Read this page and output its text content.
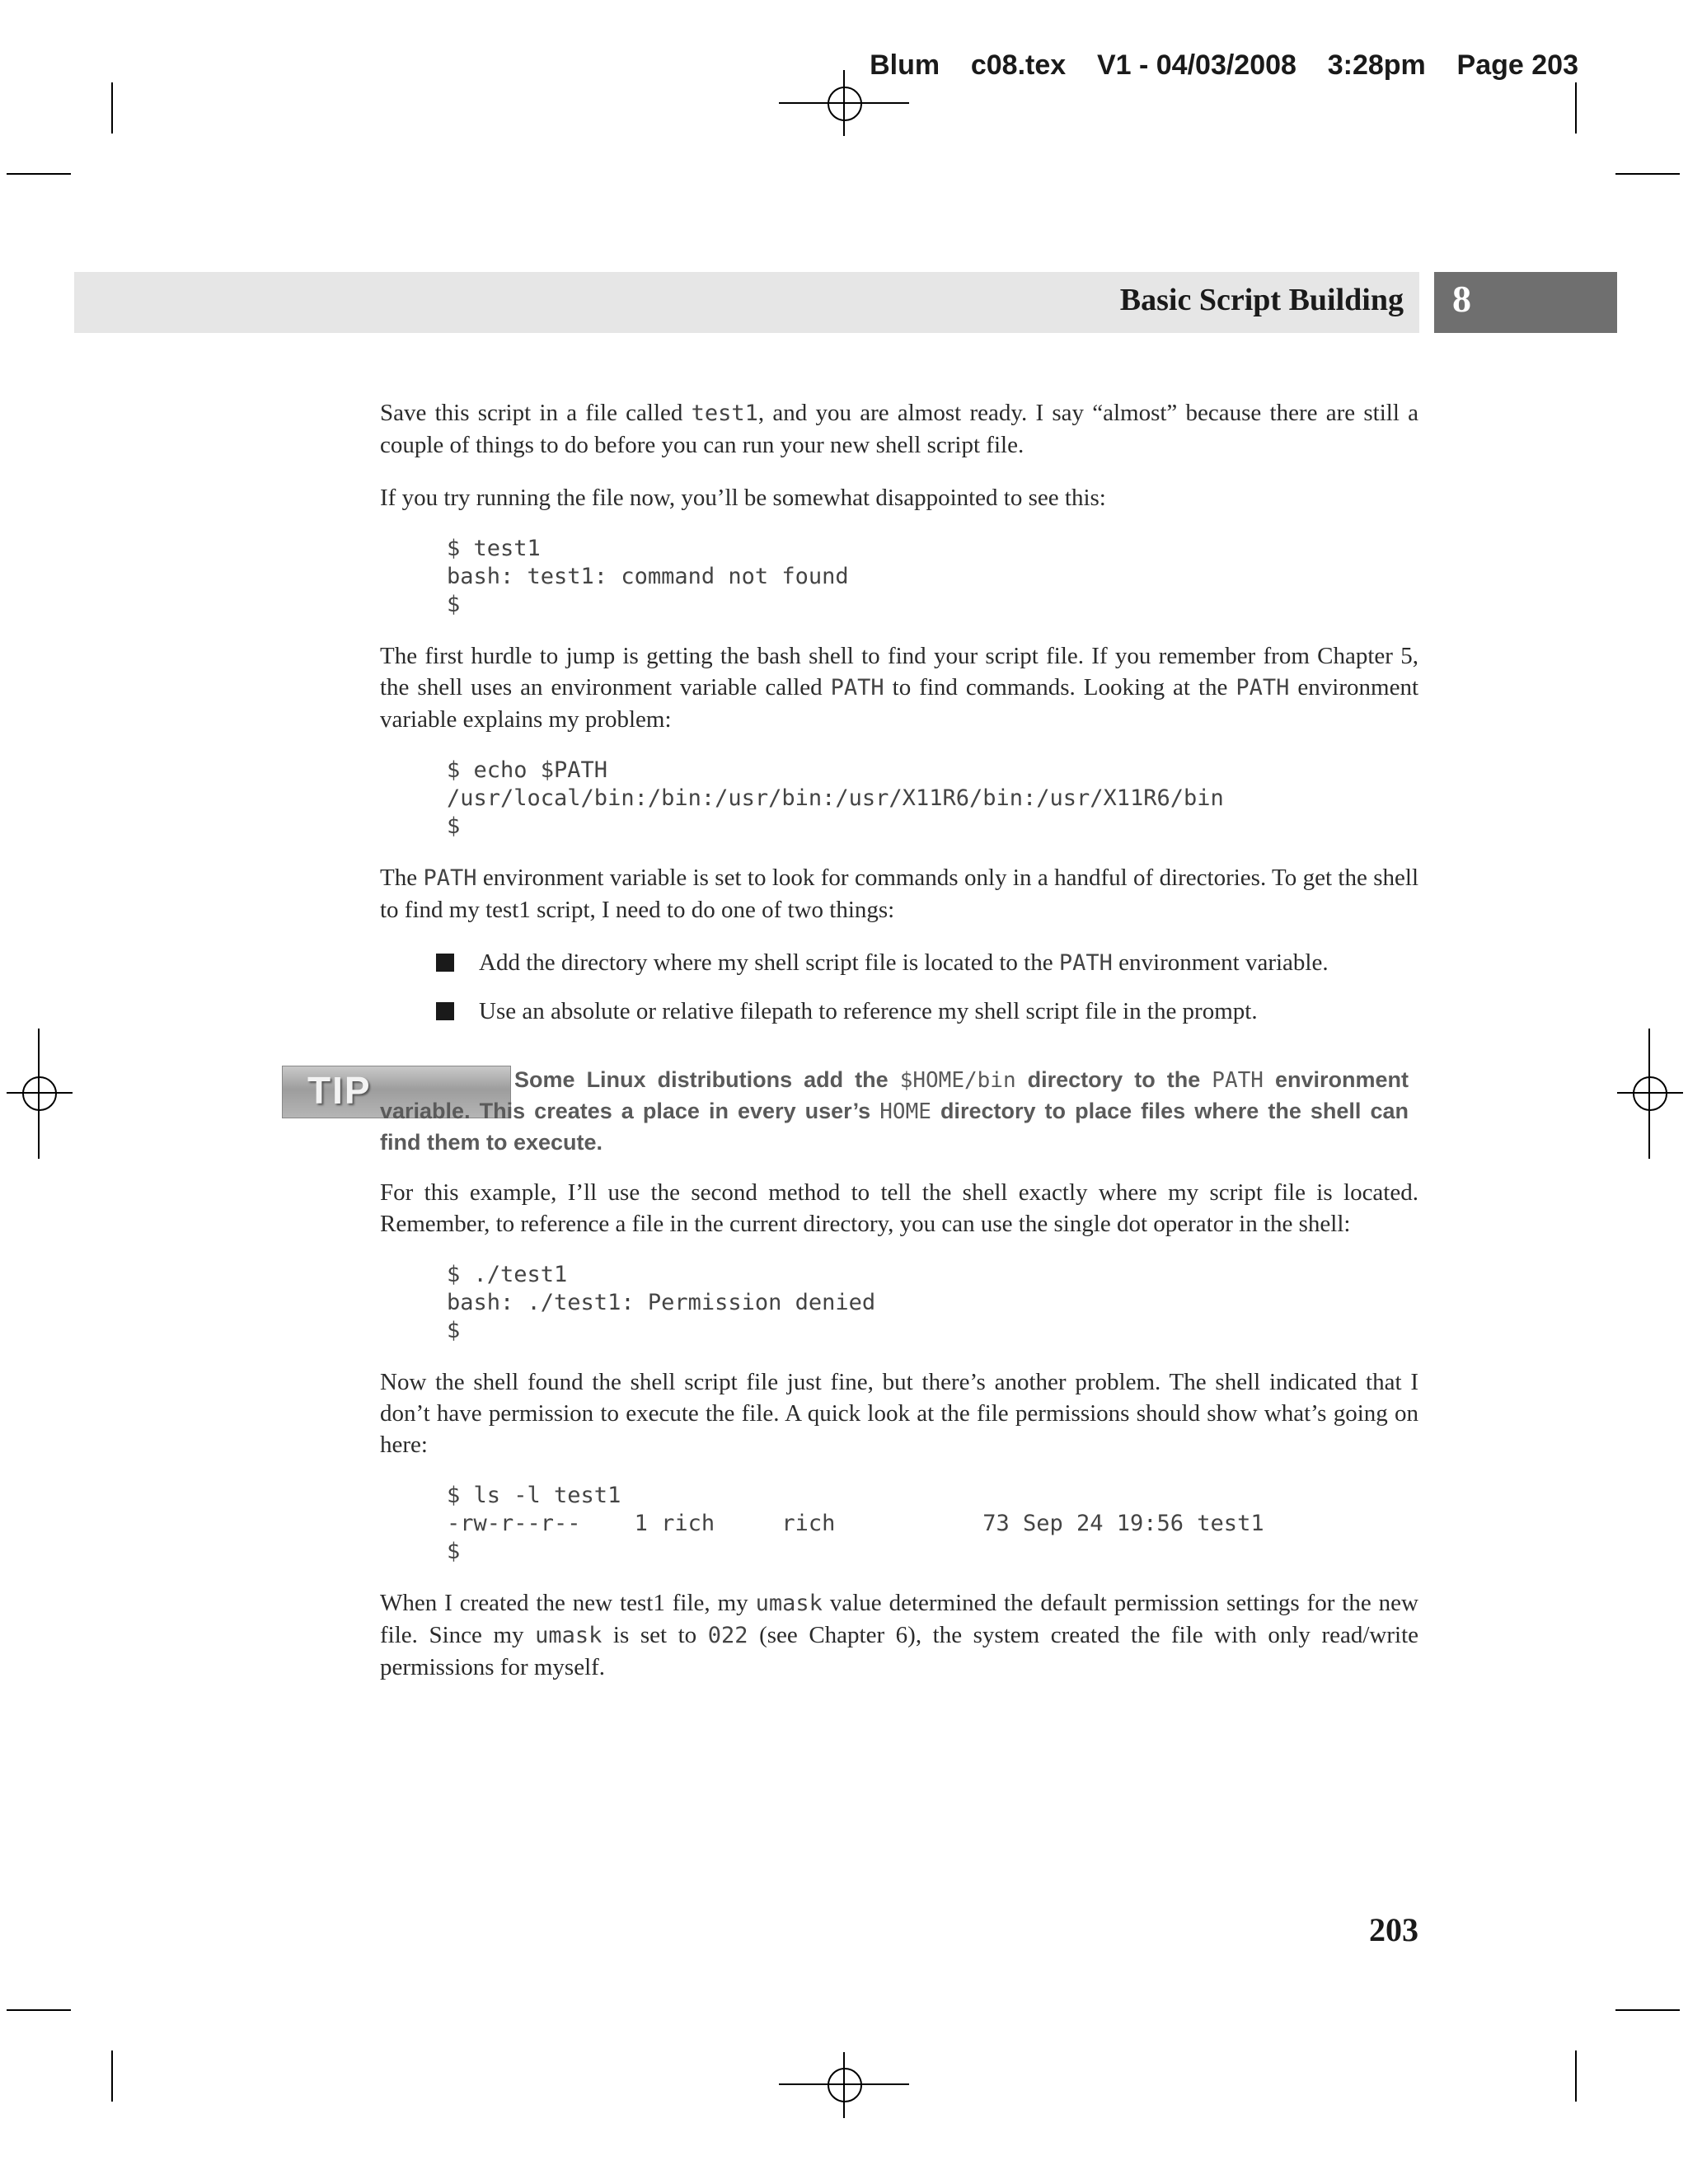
Blum    c08.tex    V1 - 04/03/2008    3:28pm    Page 203
Basic Script Building 8

Save this script in a file called test1, and you are almost ready. I say “almost” because there are still a couple of things to do before you can run your new shell script file.

If you try running the file now, you’ll be somewhat disappointed to see this:

$ test1
bash: test1: command not found
$

The first hurdle to jump is getting the bash shell to find your script file. If you remember from Chapter 5, the shell uses an environment variable called PATH to find commands. Looking at the PATH environment variable explains my problem:

$ echo $PATH
/usr/local/bin:/bin:/usr/bin:/usr/X11R6/bin:/usr/X11R6/bin
$

The PATH environment variable is set to look for commands only in a handful of directories. To get the shell to find my test1 script, I need to do one of two things:

Add the directory where my shell script file is located to the PATH environment variable.
Use an absolute or relative filepath to reference my shell script file in the prompt.
TIP	Some Linux distributions add the $HOME/bin directory to the PATH environment variable. This creates a place in every user’s HOME directory to place files where the shell can find them to execute.

For this example, I’ll use the second method to tell the shell exactly where my script file is located. Remember, to reference a file in the current directory, you can use the single dot operator in the shell:

$ ./test1
bash: ./test1: Permission denied
$

Now the shell found the shell script file just fine, but there’s another problem. The shell indicated that I don’t have permission to execute the file. A quick look at the file permissions should show what’s going on here:

$ ls -l test1
-rw-r--r--    1 rich     rich           73 Sep 24 19:56 test1
$

When I created the new test1 file, my umask value determined the default permission settings for the new file. Since my umask is set to 022 (see Chapter 6), the system created the file with only read/write permissions for myself.

203
